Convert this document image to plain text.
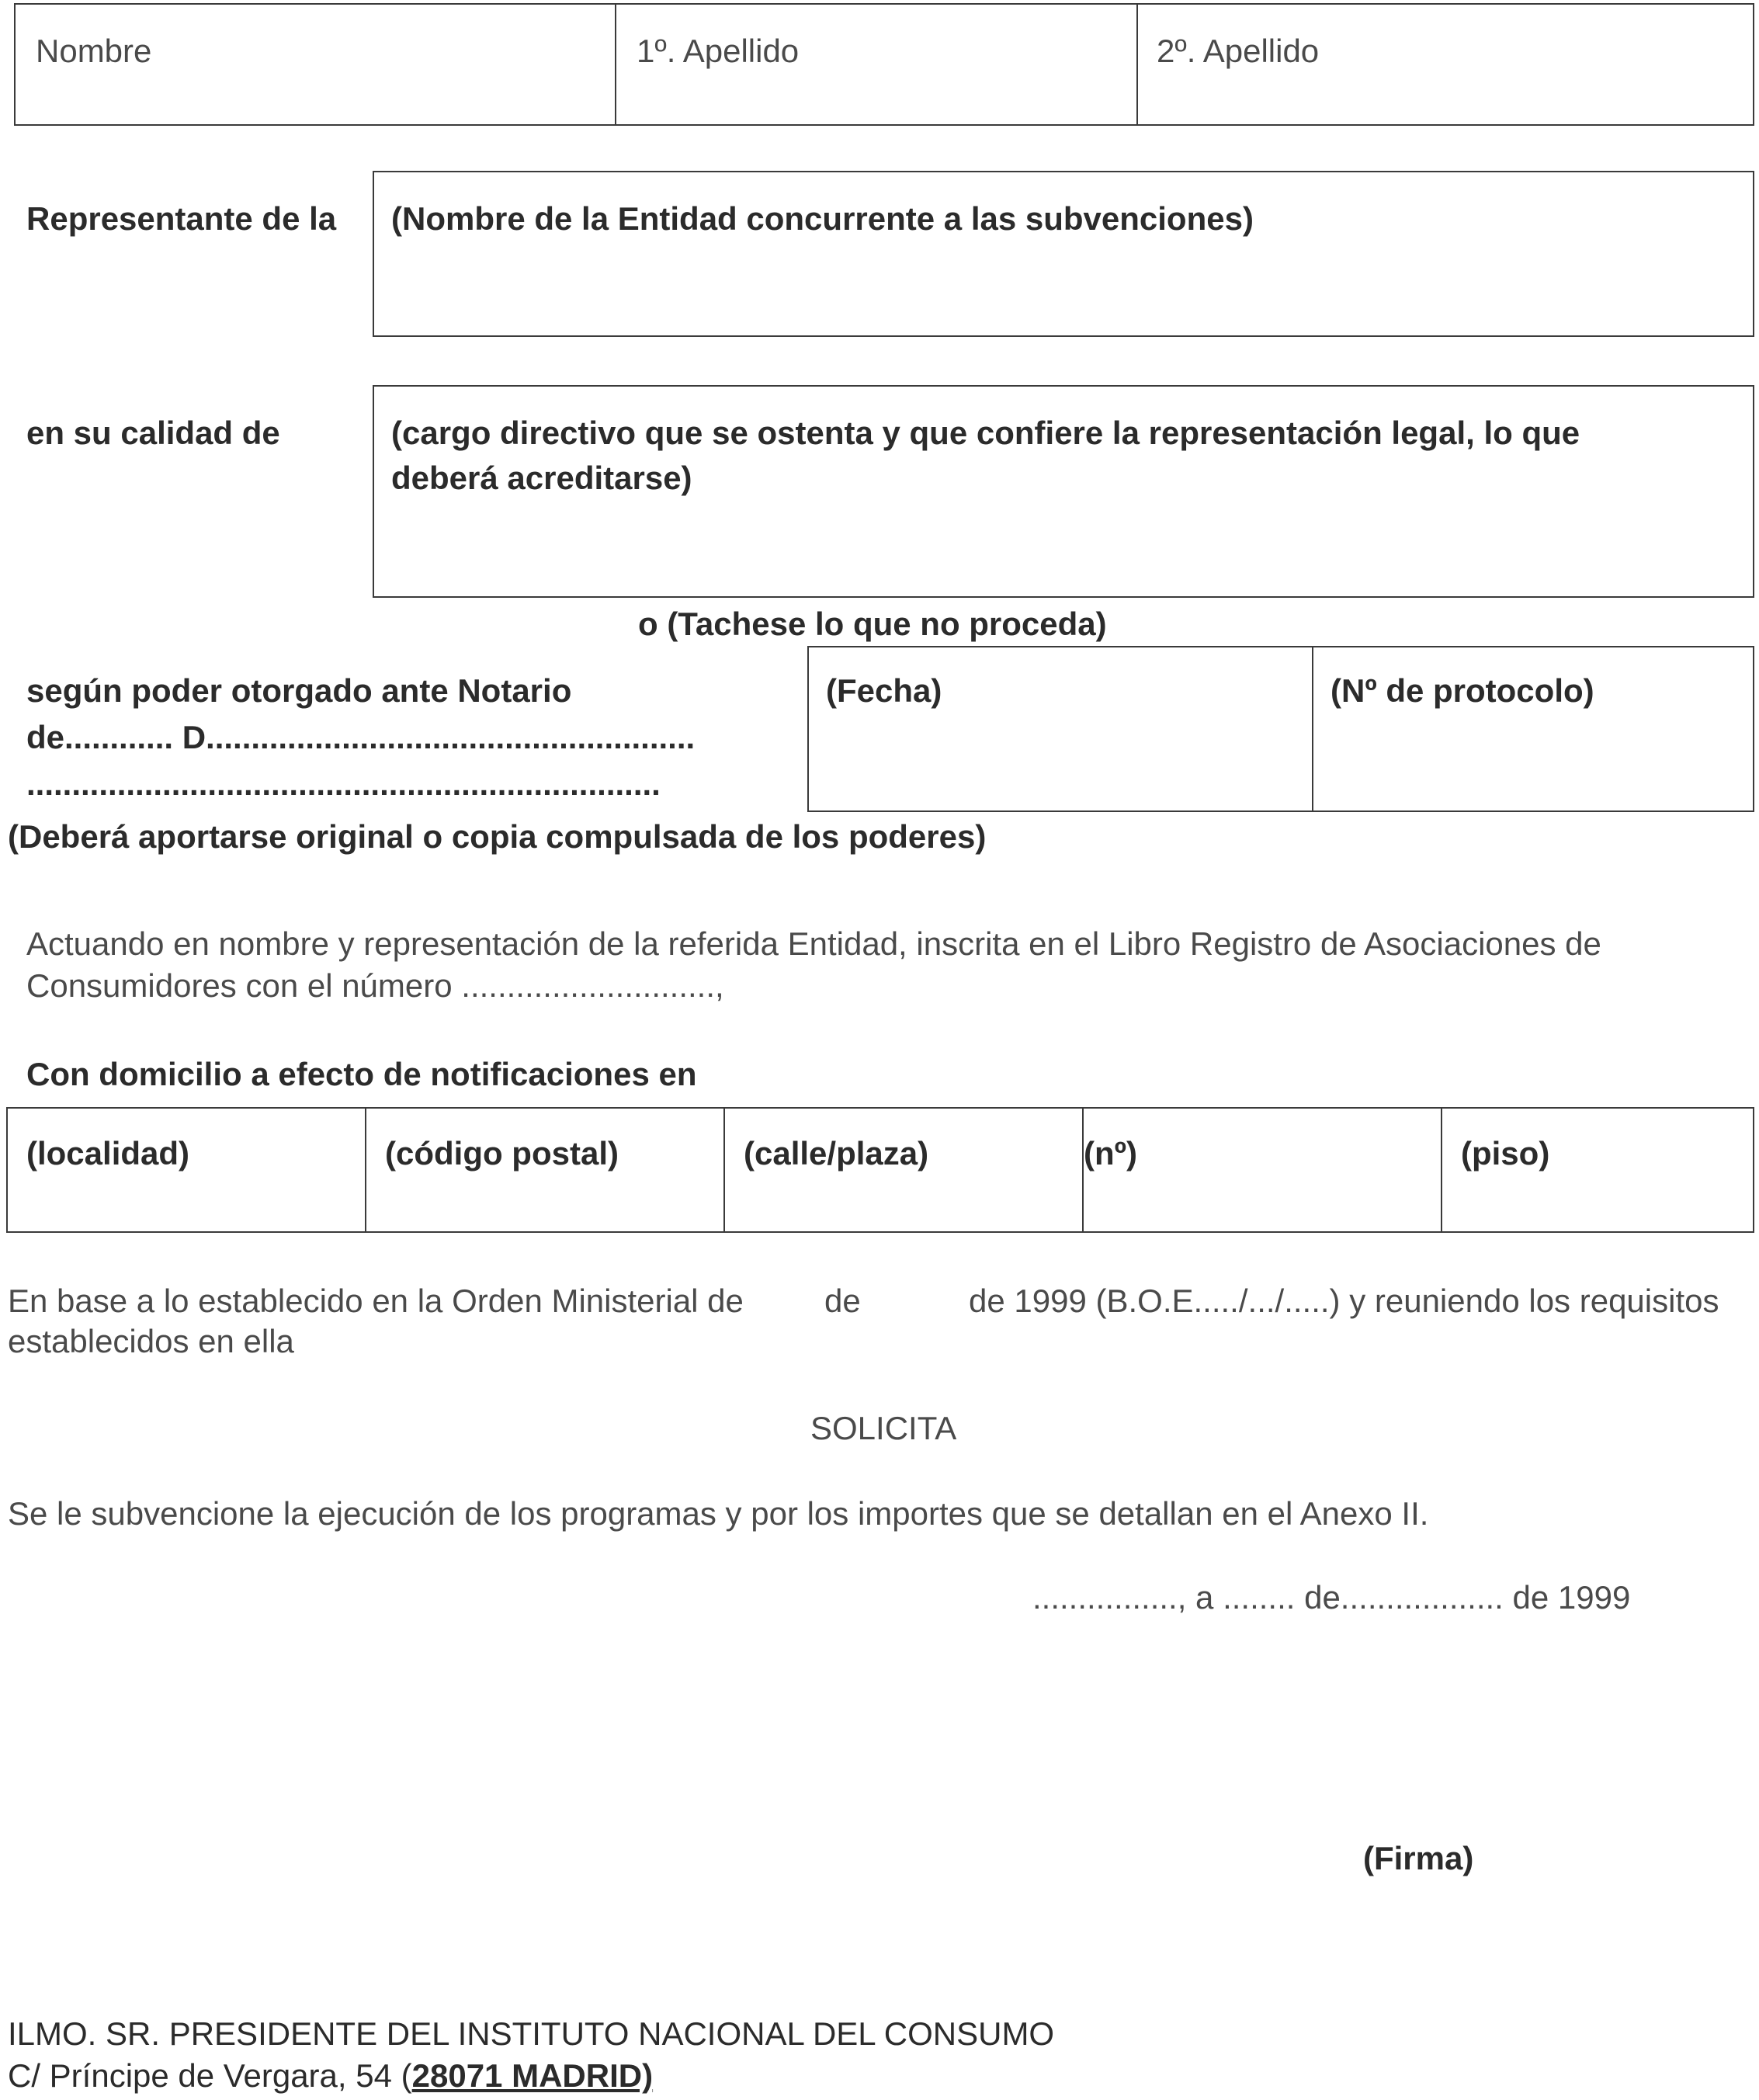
Nombre	1º. Apellido	2º. Apellido
Representante de la (Nombre de la Entidad concurrente a las subvenciones)
en su calidad de	(cargo directivo que se ostenta y que confiere la representación legal, lo que
deberá acreditarse)
o (Tachese lo que no proceda)
según poder otorgado ante Notario
de............ D......................................................
......................................................................
(Fecha)	(Nº de protocolo)
(Deberá aportarse original o copia compulsada de los poderes)
Actuando en nombre y representación de la referida Entidad, inscrita en el Libro Registro de Asociaciones de
Consumidores con el número ............................,
Con domicilio a efecto de notificaciones en
(localidad)	(código postal)	(calle/plaza)	(nº)	(piso)
En base a lo establecido en la Orden Ministerial de de	de 1999 (B.O.E...../.../.....) y reuniendo los requisitos
establecidos en ella
SOLICITA
Se le subvencione la ejecución de los programas y por los importes que se detallan en el Anexo II.
................, a ........ de.................. de 1999
(Firma)
ILMO. SR. PRESIDENTE DEL INSTITUTO NACIONAL DEL CONSUMO
C/ Príncipe de Vergara, 54 (28071 MADRID)
